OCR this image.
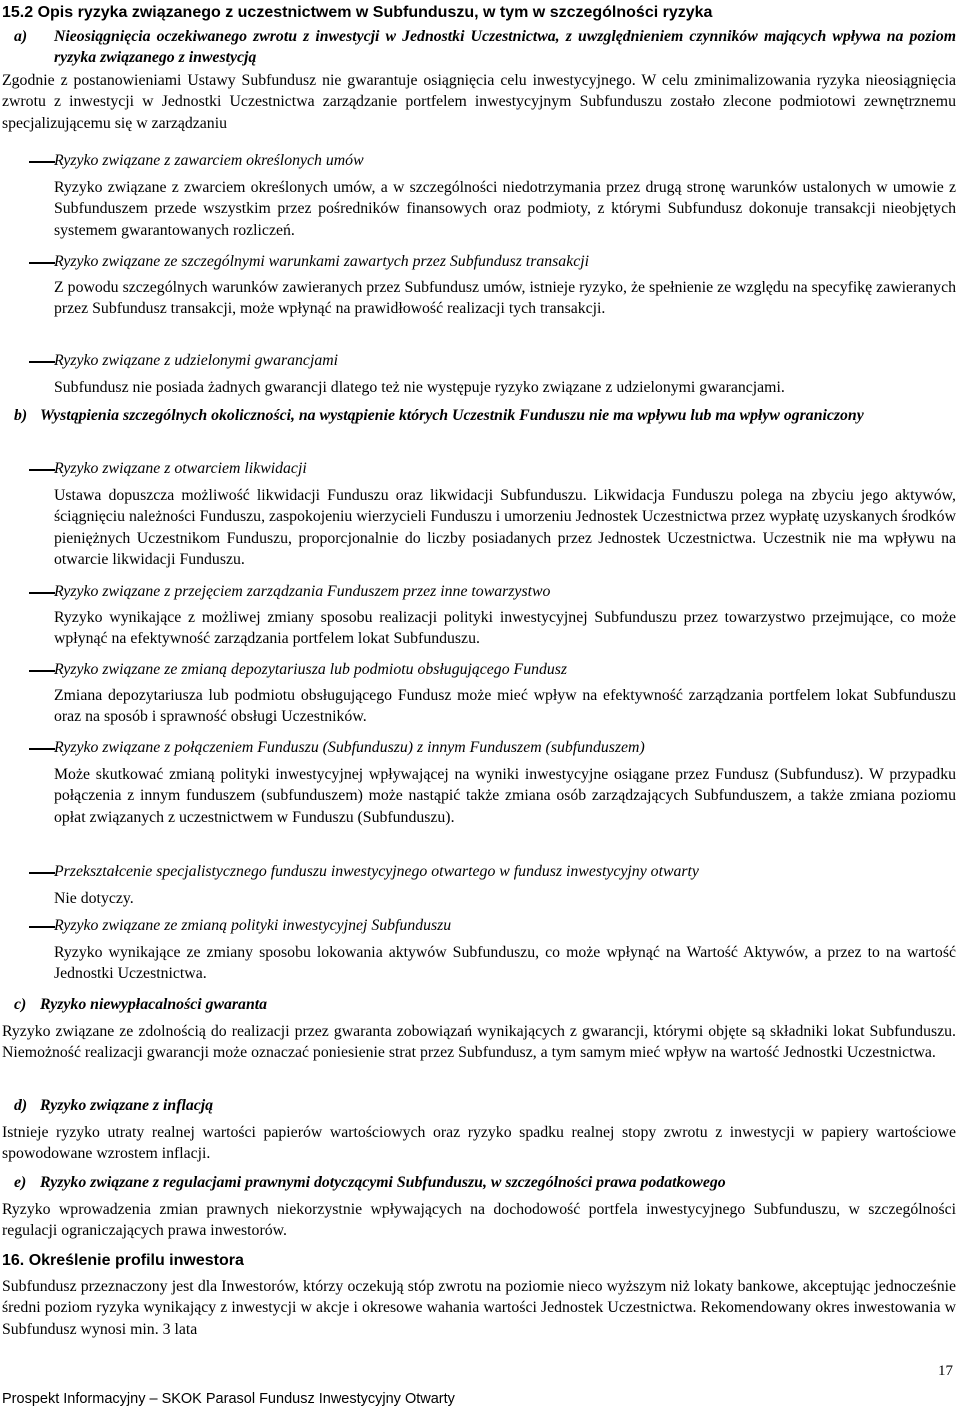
15.2 Opis ryzyka związanego z uczestnictwem w Subfunduszu, w tym w szczególności ryzyka
a) Nieosiągnięcia oczekiwanego zwrotu z inwestycji w Jednostki Uczestnictwa, z uwzględnieniem czynników mających wpływa na poziom ryzyka związanego z inwestycją
Zgodnie z postanowieniami Ustawy Subfundusz nie gwarantuje osiągnięcia celu inwestycyjnego. W celu zminimalizowania ryzyka nieosiągnięcia zwrotu z inwestycji w Jednostki Uczestnictwa zarządzanie portfelem inwestycyjnym Subfunduszu zostało zlecone podmiotowi zewnętrznemu specjalizującemu się w zarządzaniu
Ryzyko związane z zawarciem określonych umów
Ryzyko związane z zwarciem określonych umów, a w szczególności niedotrzymania przez drugą stronę warunków ustalonych w umowie z Subfunduszem przede wszystkim przez pośredników finansowych oraz podmioty, z którymi Subfundusz dokonuje transakcji nieobjętych systemem gwarantowanych rozliczeń.
Ryzyko związane ze szczególnymi warunkami zawartych przez Subfundusz transakcji
Z powodu szczególnych warunków zawieranych przez Subfundusz umów, istnieje ryzyko, że spełnienie ze względu na specyfikę zawieranych przez Subfundusz transakcji, może wpłynąć na prawidłowość realizacji tych transakcji.
Ryzyko związane z udzielonymi gwarancjami
Subfundusz nie posiada żadnych gwarancji dlatego też nie występuje ryzyko związane z udzielonymi gwarancjami.
b) Wystąpienia szczególnych okoliczności, na wystąpienie których Uczestnik Funduszu nie ma wpływu lub ma wpływ ograniczony
Ryzyko związane z otwarciem likwidacji
Ustawa dopuszcza możliwość likwidacji Funduszu oraz likwidacji Subfunduszu. Likwidacja Funduszu polega na zbyciu jego aktywów, ściągnięciu należności Funduszu, zaspokojeniu wierzycieli Funduszu i umorzeniu Jednostek Uczestnictwa przez wypłatę uzyskanych środków pieniężnych Uczestnikom Funduszu, proporcjonalnie do liczby posiadanych przez Jednostek Uczestnictwa. Uczestnik nie ma wpływu na otwarcie likwidacji Funduszu.
Ryzyko związane z przejęciem zarządzania Funduszem przez inne towarzystwo
Ryzyko wynikające z możliwej zmiany sposobu realizacji polityki inwestycyjnej Subfunduszu przez towarzystwo przejmujące, co może wpłynąć na efektywność zarządzania portfelem lokat Subfunduszu.
Ryzyko związane ze zmianą depozytariusza lub podmiotu obsługującego Fundusz
Zmiana depozytariusza lub podmiotu obsługującego Fundusz może mieć wpływ na efektywność zarządzania portfelem lokat Subfunduszu oraz na sposób i sprawność obsługi Uczestników.
Ryzyko związane z połączeniem Funduszu (Subfunduszu) z innym Funduszem (subfunduszem)
Może skutkować zmianą polityki inwestycyjnej wpływającej na wyniki inwestycyjne osiągane przez Fundusz (Subfundusz). W przypadku połączenia z innym funduszem (subfunduszem) może nastąpić także zmiana osób zarządzających Subfunduszem, a także zmiana poziomu opłat związanych z uczestnictwem w Funduszu (Subfunduszu).
Przekształcenie specjalistycznego funduszu inwestycyjnego otwartego w fundusz inwestycyjny otwarty
Nie dotyczy.
Ryzyko związane ze zmianą polityki inwestycyjnej Subfunduszu
Ryzyko wynikające ze zmiany sposobu lokowania aktywów Subfunduszu, co może wpłynąć na Wartość Aktywów, a przez to na wartość Jednostki Uczestnictwa.
c) Ryzyko niewypłacalności gwaranta
Ryzyko związane ze zdolnością do realizacji przez gwaranta zobowiązań wynikających z gwarancji, którymi objęte są składniki lokat Subfunduszu. Niemożność realizacji gwarancji może oznaczać poniesienie strat przez Subfundusz, a tym samym mieć wpływ na wartość Jednostki Uczestnictwa.
d) Ryzyko związane z inflacją
Istnieje ryzyko utraty realnej wartości papierów wartościowych oraz ryzyko spadku realnej stopy zwrotu z inwestycji w papiery wartościowe spowodowane wzrostem inflacji.
e) Ryzyko związane z regulacjami prawnymi dotyczącymi Subfunduszu, w szczególności prawa podatkowego
Ryzyko wprowadzenia zmian prawnych niekorzystnie wpływających na dochodowość portfela inwestycyjnego Subfunduszu, w szczególności regulacji ograniczających prawa inwestorów.
16. Określenie profilu inwestora
Subfundusz przeznaczony jest dla Inwestorów, którzy oczekują stóp zwrotu na poziomie nieco wyższym niż lokaty bankowe, akceptując jednocześnie średni poziom ryzyka wynikający z inwestycji w akcje i okresowe wahania wartości Jednostek Uczestnictwa. Rekomendowany okres inwestowania w Subfundusz wynosi min. 3 lata
17
Prospekt Informacyjny – SKOK Parasol Fundusz Inwestycyjny Otwarty
